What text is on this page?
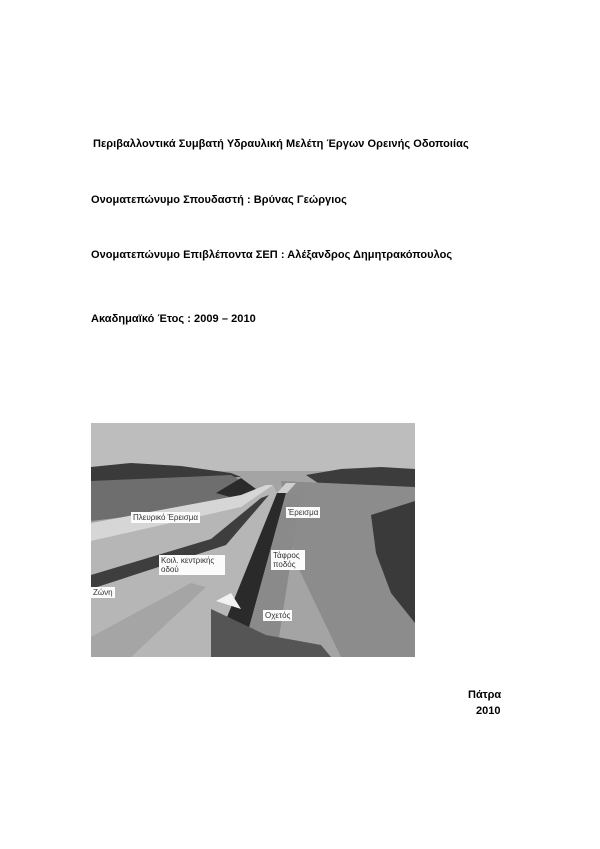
Περιβαλλοντικά Συμβατή Υδραυλική Μελέτη Έργων Ορεινής Οδοποιίας
Ονοματεπώνυμο Σπουδαστή : Βρύνας Γεώργιος
Ονοματεπώνυμο Επιβλέποντα ΣΕΠ : Αλέξανδρος Δημητρακόπουλος
Ακαδημαϊκό Έτος : 2009 – 2010
Πλευρικό Έρεισμα
Έρεισμα
Κοιλ. κεντρικής οδού
Τάφρος ποδός
Ζώνη
Οχετός
Πάτρα
2010
